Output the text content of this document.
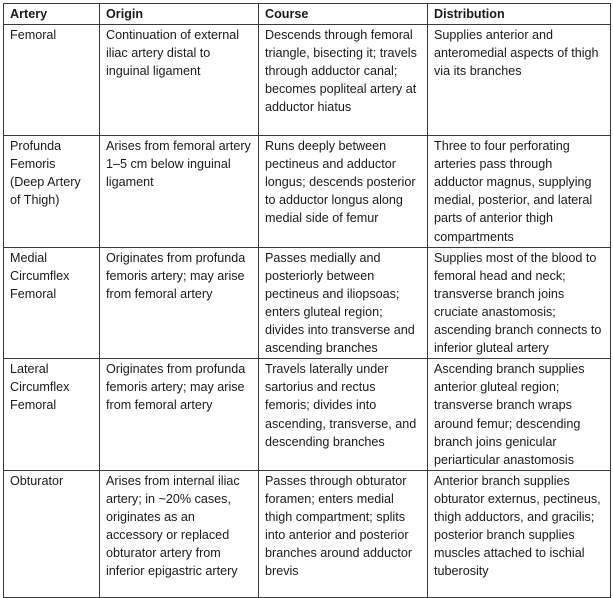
Artery	Origin	Course	Distribution
Femoral	Continuation of external iliac artery distal to inguinal ligament	Descends through femoral triangle, bisecting it; travels through adductor canal; becomes popliteal artery at adductor hiatus	Supplies anterior and anteromedial aspects of thigh via its branches
Profunda Femoris (Deep Artery of Thigh)	Arises from femoral artery 1–5 cm below inguinal ligament	Runs deeply between pectineus and adductor longus; descends posterior to adductor longus along medial side of femur	Three to four perforating arteries pass through adductor magnus, supplying medial, posterior, and lateral parts of anterior thigh compartments
Medial Circumflex Femoral	Originates from profunda femoris artery; may arise from femoral artery	Passes medially and posteriorly between pectineus and iliopsoas; enters gluteal region; divides into transverse and ascending branches	Supplies most of the blood to femoral head and neck; transverse branch joins cruciate anastomosis; ascending branch connects to inferior gluteal artery
Lateral Circumflex Femoral	Originates from profunda femoris artery; may arise from femoral artery	Travels laterally under sartorius and rectus femoris; divides into ascending, transverse, and descending branches	Ascending branch supplies anterior gluteal region; transverse branch wraps around femur; descending branch joins genicular periarticular anastomosis
Obturator	Arises from internal iliac artery; in ~20% cases, originates as an accessory or replaced obturator artery from inferior epigastric artery	Passes through obturator foramen; enters medial thigh compartment; splits into anterior and posterior branches around adductor brevis	Anterior branch supplies obturator externus, pectineus, thigh adductors, and gracilis; posterior branch supplies muscles attached to ischial tuberosity
